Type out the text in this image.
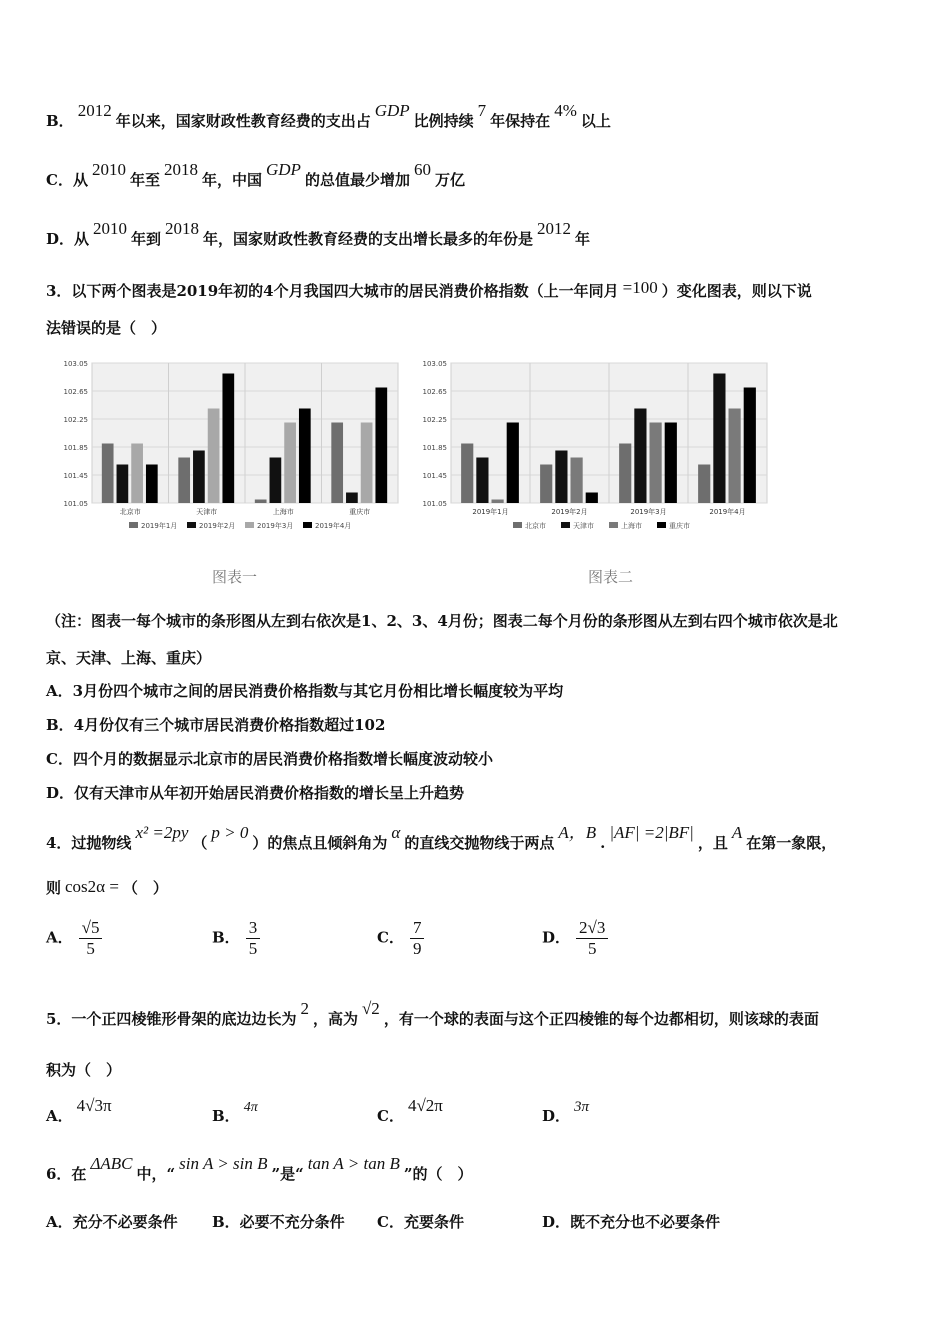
B．2012年以来，国家财政性教育经费的支出占GDP比例持续7年保持在4%以上
C．从2010年至2018年，中国GDP的总值最少增加60万亿
D．从2010年到2018年，国家财政性教育经费的支出增长最多的年份是2012年
3．以下两个图表是2019年初的4个月我国四大城市的居民消费价格指数（上一年同月 =100 ）变化图表，则以下说
法错误的是（　）
101.05
101.45
101.85
102.25
102.65
103.05
北京市	天津市	上海市	重庆市
2019年1月	2019年2月	2019年3月	2019年4月
101.05
101.45
101.85
102.25
102.65
103.05
2019年1月	2019年2月	2019年3月	2019年4月
北京市	天津市	上海市	重庆市
图表一	图表二
（注：图表一每个城市的条形图从左到右依次是1、2、3、4月份；图表二每个月份的条形图从左到右四个城市依次是北
京、天津、上海、重庆）
A．3月份四个城市之间的居民消费价格指数与其它月份相比增长幅度较为平均
B．4月份仅有三个城市居民消费价格指数超过102
C．四个月的数据显示北京市的居民消费价格指数增长幅度波动较小
D．仅有天津市从年初开始居民消费价格指数的增长呈上升趋势
4．过抛物线x² =2py（p > 0）的焦点且倾斜角为α的直线交抛物线于两点A，B.|AF| =2|BF|，且A在第一象限，
则 cos2α = （　）
A． $\frac{√5}{5}$	B． $\frac{3}{5}$	C． $\frac{7}{9}$	D． $\frac{2√3}{5}$
5．一个正四棱锥形骨架的底边边长为2，高为√2，有一个球的表面与这个正四棱锥的每个边都相切，则该球的表面
积为（　）
A．4√3π
B． 4π	C．4√2π
D． 3π
6．在ΔABC中，“sin A > sin B”是“tan A > tan B”的（　）
A．充分不必要条件 B．必要不充分条件 C．充要条件	D．既不充分也不必要条件
